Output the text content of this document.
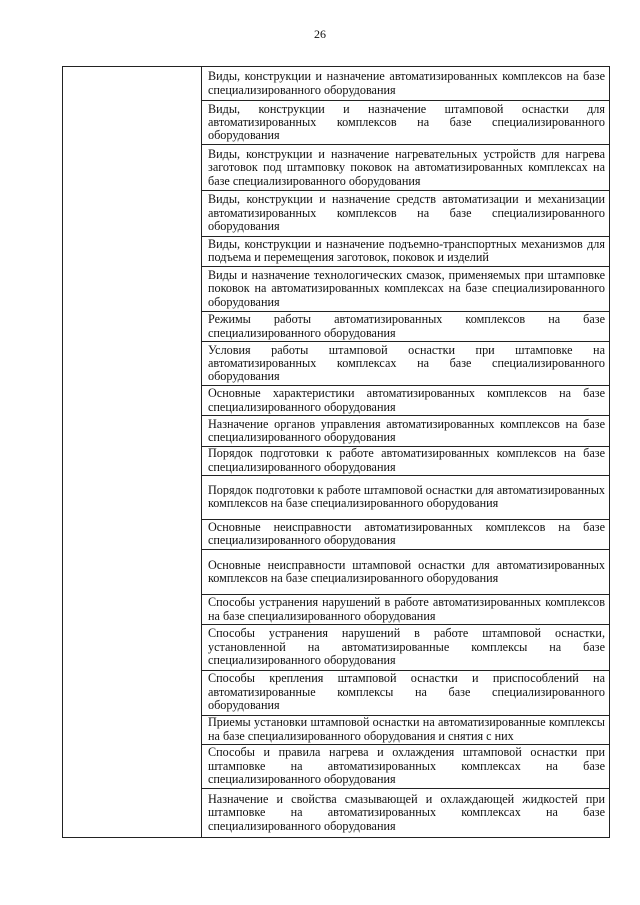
26
Виды, конструкции и назначение автоматизированных комплексов на базе специализированного оборудования
Виды, конструкции и назначение штамповой оснастки для автоматизированных комплексов на базе специализированного оборудования
Виды, конструкции и назначение нагревательных устройств для нагрева заготовок под штамповку поковок на автоматизированных комплексах на базе специализированного оборудования
Виды, конструкции и назначение средств автоматизации и механизации автоматизированных комплексов на базе специализированного оборудования
Виды, конструкции и назначение подъемно-транспортных механизмов для подъема и перемещения заготовок, поковок и изделий
Виды и назначение технологических смазок, применяемых при штамповке поковок на автоматизированных комплексах на базе специализированного оборудования
Режимы работы автоматизированных комплексов на базе специализированного оборудования
Условия работы штамповой оснастки при штамповке на автоматизированных комплексах на базе специализированного оборудования
Основные характеристики автоматизированных комплексов на базе специализированного оборудования
Назначение органов управления автоматизированных комплексов на базе специализированного оборудования
Порядок подготовки к работе автоматизированных комплексов на базе специализированного оборудования
Порядок подготовки к работе штамповой оснастки для автоматизированных комплексов на базе специализированного оборудования
Основные неисправности автоматизированных комплексов на базе специализированного оборудования
Основные неисправности штамповой оснастки для автоматизированных комплексов на базе специализированного оборудования
Способы устранения нарушений в работе автоматизированных комплексов на базе специализированного оборудования
Способы устранения нарушений в работе штамповой оснастки, установленной на автоматизированные комплексы на базе специализированного оборудования
Способы крепления штамповой оснастки и приспособлений на автоматизированные комплексы на базе специализированного оборудования
Приемы установки штамповой оснастки на автоматизированные комплексы на базе специализированного оборудования и снятия с них
Способы и правила нагрева и охлаждения штамповой оснастки при штамповке на автоматизированных комплексах на базе специализированного оборудования
Назначение и свойства смазывающей и охлаждающей жидкостей при штамповке на автоматизированных комплексах на базе специализированного оборудования
